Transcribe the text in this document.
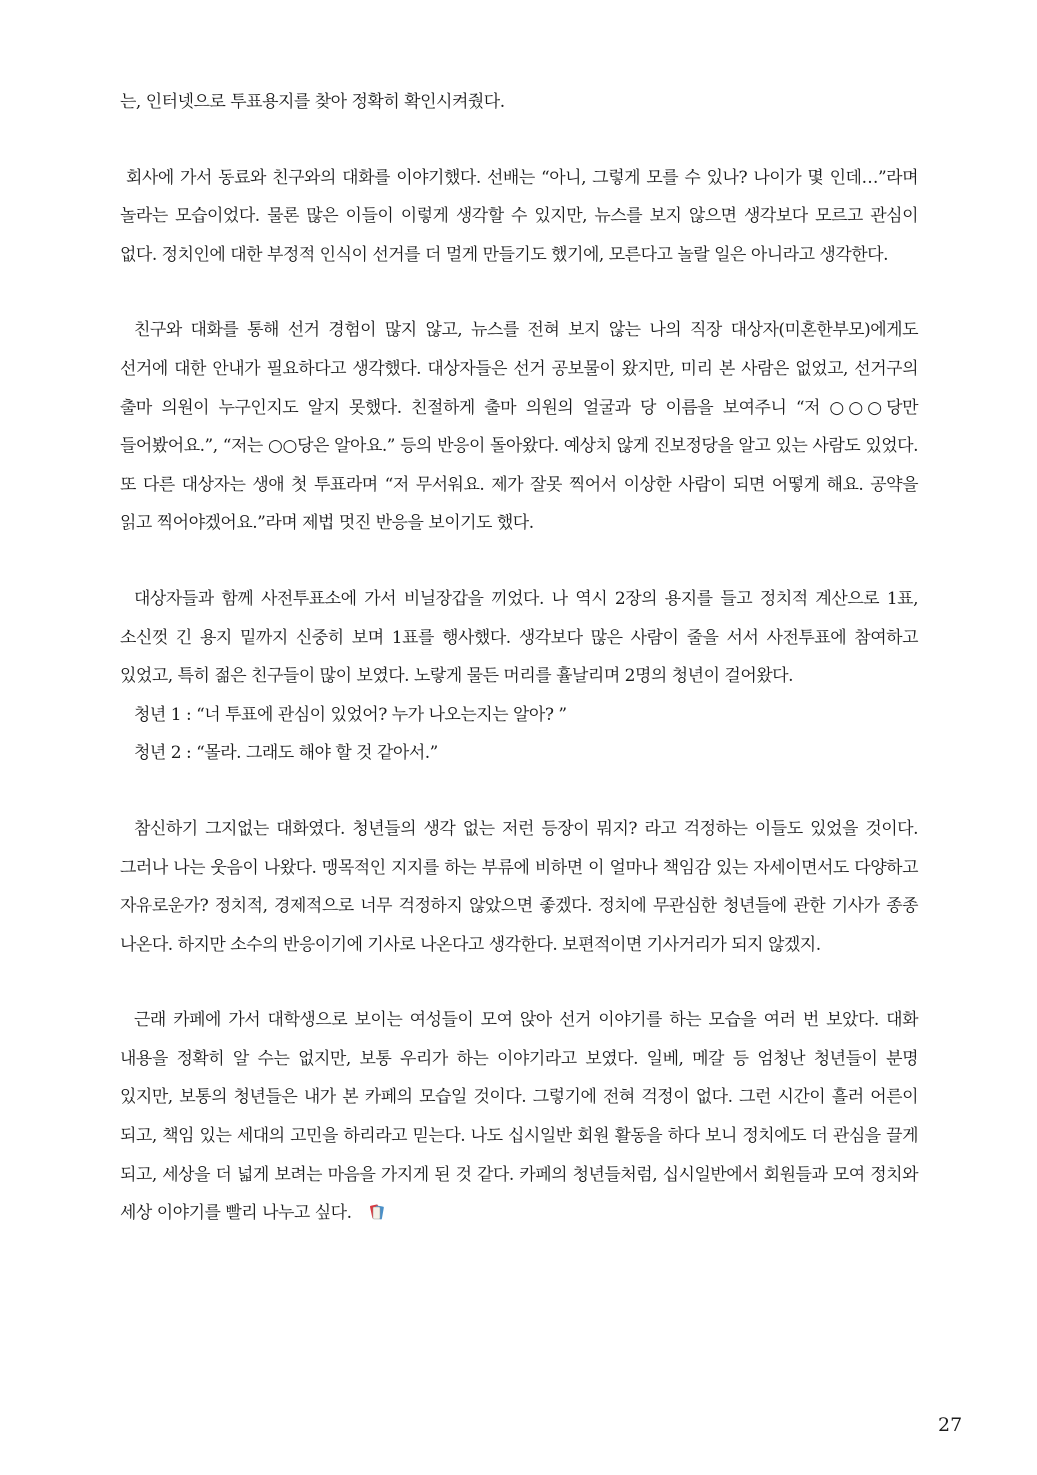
는, 인터넷으로 투표용지를 찾아 정확히 확인시켜줬다.

회사에 가서 동료와 친구와의 대화를 이야기했다. 선배는 “아니, 그렇게 모를 수 있나? 나이가 몇 인데…”라며 놀라는 모습이었다. 물론 많은 이들이 이렇게 생각할 수 있지만, 뉴스를 보지 않으면 생각보다 모르고 관심이 없다. 정치인에 대한 부정적 인식이 선거를 더 멀게 만들기도 했기에, 모른다고 놀랄 일은 아니라고 생각한다.

친구와 대화를 통해 선거 경험이 많지 않고, 뉴스를 전혀 보지 않는 나의 직장 대상자(미혼한부모)에게도 선거에 대한 안내가 필요하다고 생각했다. 대상자들은 선거 공보물이 왔지만, 미리 본 사람은 없었고, 선거구의 출마 의원이 누구인지도 알지 못했다. 친절하게 출마 의원의 얼굴과 당 이름을 보여주니 “저 ○○○당만 들어봤어요.”, “저는 ○○당은 알아요.” 등의 반응이 돌아왔다. 예상치 않게 진보정당을 알고 있는 사람도 있었다. 또 다른 대상자는 생애 첫 투표라며 “저 무서워요. 제가 잘못 찍어서 이상한 사람이 되면 어떻게 해요. 공약을 읽고 찍어야겠어요.”라며 제법 멋진 반응을 보이기도 했다.

대상자들과 함께 사전투표소에 가서 비닐장갑을 끼었다. 나 역시 2장의 용지를 들고 정치적 계산으로 1표, 소신껏 긴 용지 밑까지 신중히 보며 1표를 행사했다. 생각보다 많은 사람이 줄을 서서 사전투표에 참여하고 있었고, 특히 젊은 친구들이 많이 보였다. 노랗게 물든 머리를 휼날리며 2명의 청년이 걸어왔다.

청년 1 : “너 투표에 관심이 있었어? 누가 나오는지는 알아? ”

청년 2 : “몰라. 그래도 해야 할 것 같아서.”

참신하기 그지없는 대화였다. 청년들의 생각 없는 저런 등장이 뭐지? 라고 걱정하는 이들도 있었을 것이다. 그러나 나는 웃음이 나왔다. 맹목적인 지지를 하는 부류에 비하면 이 얼마나 책임감 있는 자세이면서도 다양하고 자유로운가? 정치적, 경제적으로 너무 걱정하지 않았으면 좋겠다. 정치에 무관심한 청년들에 관한 기사가 종종 나온다. 하지만 소수의 반응이기에 기사로 나온다고 생각한다. 보편적이면 기사거리가 되지 않겠지.

근래 카페에 가서 대학생으로 보이는 여성들이 모여 앉아 선거 이야기를 하는 모습을 여러 번 보았다. 대화 내용을 정확히 알 수는 없지만, 보통 우리가 하는 이야기라고 보였다. 일베, 메갈 등 엄청난 청년들이 분명 있지만, 보통의 청년들은 내가 본 카페의 모습일 것이다. 그렇기에 전혀 걱정이 없다. 그런 시간이 흘러 어른이 되고, 책임 있는 세대의 고민을 하리라고 믿는다. 나도 십시일반 회원 활동을 하다 보니 정치에도 더 관심을 끌게 되고, 세상을 더 넓게 보려는 마음을 가지게 된 것 같다. 카페의 청년들처럼, 십시일반에서 회원들과 모여 정치와 세상 이야기를 빨리 나누고 싶다.

27
